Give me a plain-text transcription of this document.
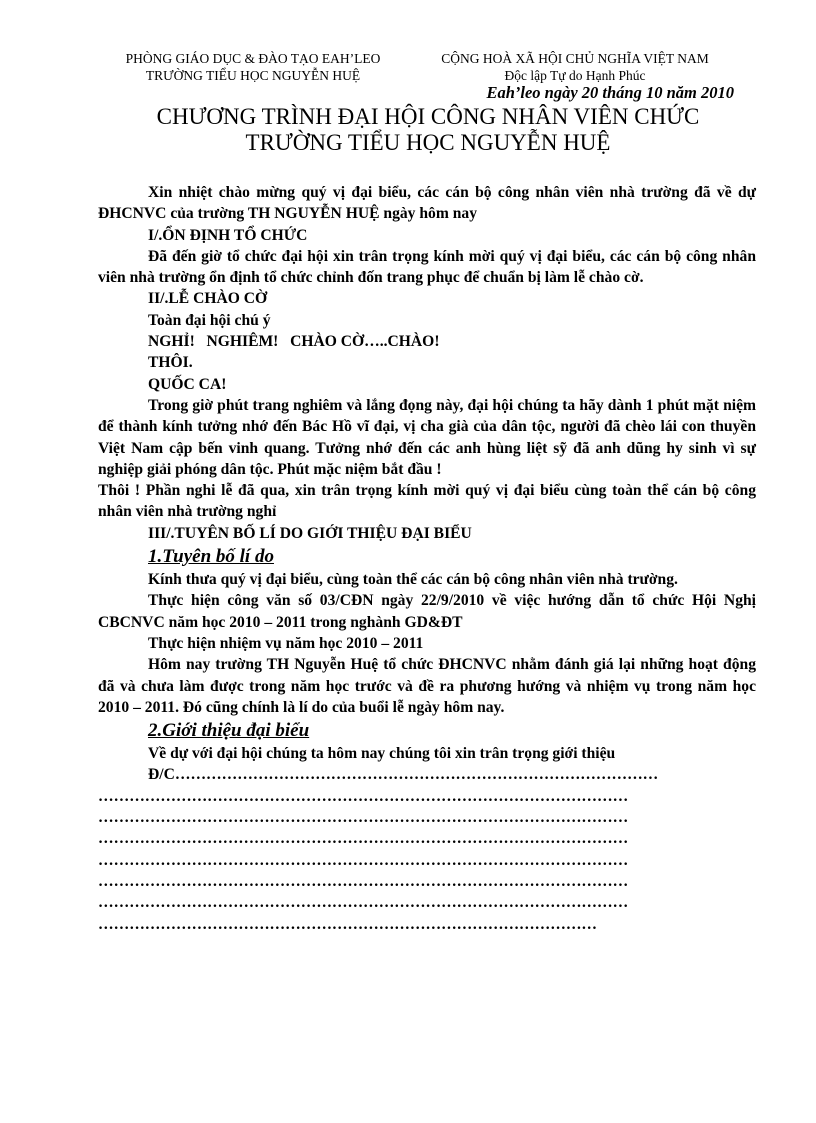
PHÒNG GIÁO DỤC & ĐÀO TẠO EAH’LEO
TRƯỜNG TIỂU HỌC NGUYỄN HUỆ
CỘNG HOÀ XÃ HỘI CHỦ NGHĨA VIỆT NAM
Độc lập Tự do Hạnh Phúc
Eah’leo ngày 20 tháng 10 năm 2010
CHƯƠNG TRÌNH ĐẠI HỘI CÔNG NHÂN VIÊN CHỨC
TRƯỜNG TIỂU HỌC NGUYỄN HUỆ

Xin nhiệt chào mừng quý vị đại biểu, các cán bộ công nhân viên nhà trường đã về dự ĐHCNVC của trường TH NGUYỄN HUỆ ngày hôm nay

I/.ỔN ĐỊNH TỔ CHỨC

Đã đến giờ tổ chức đại hội xin trân trọng kính mời quý vị đại biểu, các cán bộ công nhân viên nhà trường ổn định tổ chức chỉnh đốn trang phục để chuẩn bị làm lễ chào cờ.

II/.LỄ CHÀO CỜ

Toàn đại hội chú ý

NGHỈ!   NGHIÊM!   CHÀO CỜ…..CHÀO!

THÔI.

QUỐC CA!

Trong giờ phút trang nghiêm và lắng đọng này, đại hội chúng ta hãy dành 1 phút mặt niệm để thành kính tưởng nhớ đến Bác Hồ vĩ đại, vị cha già của dân tộc, người đã chèo lái con thuyền Việt Nam cập bến vinh quang. Tưởng nhớ đến các anh hùng liệt sỹ đã anh dũng hy sinh vì sự nghiệp giải phóng dân tộc. Phút mặc niệm bắt đầu !

Thôi ! Phần nghi lễ đã qua, xin trân trọng kính mời quý vị đại biểu cùng toàn thể cán bộ công nhân viên nhà trường nghỉ

III/.TUYÊN BỐ LÍ DO GIỚI THIỆU ĐẠI BIỂU

1.Tuyên bố lí do

Kính thưa quý vị đại biểu, cùng toàn thể các cán bộ công nhân viên nhà trường.

Thực hiện công văn số 03/CĐN ngày 22/9/2010 về việc hướng dẫn tổ chức Hội Nghị CBCNVC năm học 2010 – 2011 trong nghành GD&ĐT

Thực hiện nhiệm vụ năm học 2010 – 2011

Hôm nay trường TH Nguyễn Huệ tổ chức ĐHCNVC nhằm đánh giá lại những hoạt động đã và chưa làm được trong năm học trước và đề ra phương hướng và nhiệm vụ trong năm học 2010 – 2011. Đó cũng chính là lí do của buổi lễ ngày hôm nay.

2.Giới thiệu đại biểu

Về dự với đại hội chúng ta hôm nay chúng tôi xin trân trọng giới thiệu

Đ/C…………………………………………………………………………………

…………………………………………………………………………………………

…………………………………………………………………………………………

…………………………………………………………………………………………

…………………………………………………………………………………………

…………………………………………………………………………………………

…………………………………………………………………………………………

……………………………………………………………………………………
